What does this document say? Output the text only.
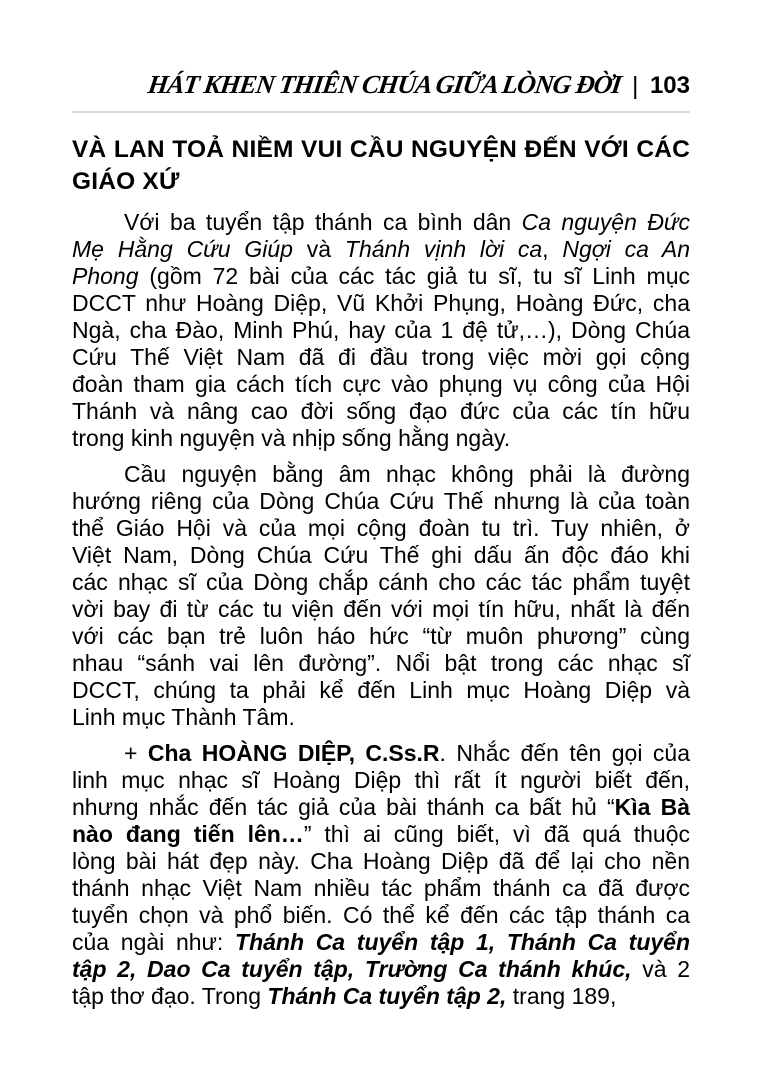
HÁT KHEN THIÊN CHÚA GIỮA LÒNG ĐỜI | 103
VÀ LAN TOẢ NIỀM VUI CẦU NGUYỆN ĐẾN VỚI CÁC
GIÁO XỨ
Với ba tuyển tập thánh ca bình dân Ca nguyện Đức
Mẹ Hằng Cứu Giúp và Thánh vịnh lời ca, Ngợi ca An
Phong (gồm 72 bài của các tác giả tu sĩ, tu sĩ Linh mục
DCCT như Hoàng Diệp, Vũ Khởi Phụng, Hoàng Đức, cha
Ngà, cha Đào, Minh Phú, hay của 1 đệ tử,…), Dòng Chúa
Cứu Thế Việt Nam đã đi đầu trong việc mời gọi cộng
đoàn tham gia cách tích cực vào phụng vụ công của Hội
Thánh và nâng cao đời sống đạo đức của các tín hữu
trong kinh nguyện và nhịp sống hằng ngày.
Cầu nguyện bằng âm nhạc không phải là đường
hướng riêng của Dòng Chúa Cứu Thế nhưng là của toàn
thể Giáo Hội và của mọi cộng đoàn tu trì. Tuy nhiên, ở
Việt Nam, Dòng Chúa Cứu Thế ghi dấu ấn độc đáo khi
các nhạc sĩ của Dòng chắp cánh cho các tác phẩm tuyệt
vời bay đi từ các tu viện đến với mọi tín hữu, nhất là đến
với các bạn trẻ luôn háo hức “từ muôn phương” cùng
nhau “sánh vai lên đường”. Nổi bật trong các nhạc sĩ
DCCT, chúng ta phải kể đến Linh mục Hoàng Diệp và
Linh mục Thành Tâm.
+ Cha HOÀNG DIỆP, C.Ss.R. Nhắc đến tên gọi của
linh mục nhạc sĩ Hoàng Diệp thì rất ít người biết đến,
nhưng nhắc đến tác giả của bài thánh ca bất hủ “Kìa Bà
nào đang tiến lên…” thì ai cũng biết, vì đã quá thuộc
lòng bài hát đẹp này. Cha Hoàng Diệp đã để lại cho nền
thánh nhạc Việt Nam nhiều tác phẩm thánh ca đã được
tuyển chọn và phổ biến. Có thể kể đến các tập thánh ca
của ngài như: Thánh Ca tuyển tập 1, Thánh Ca tuyển
tập 2, Dao Ca tuyển tập, Trường Ca thánh khúc, và 2
tập thơ đạo. Trong Thánh Ca tuyển tập 2, trang 189,
